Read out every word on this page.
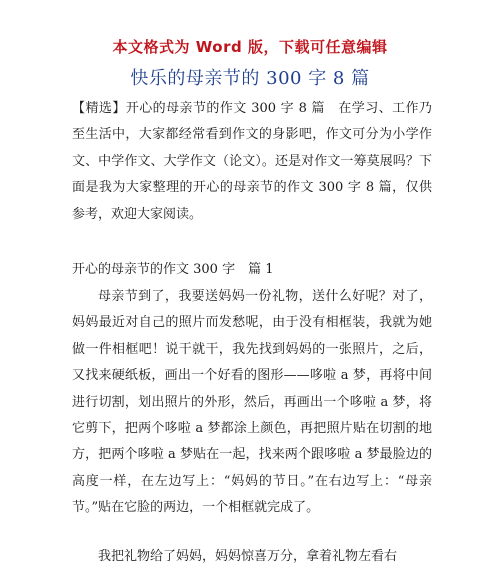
本文格式为 Word 版，下载可任意编辑
快乐的母亲节的 300 字 8 篇

【精选】开心的母亲节的作文 300 字 8 篇　在学习、工作乃至生活中，大家都经常看到作文的身影吧，作文可分为小学作文、中学作文、大学作文（论文）。还是对作文一筹莫展吗？下面是我为大家整理的开心的母亲节的作文 300 字 8 篇，仅供参考，欢迎大家阅读。

开心的母亲节的作文 300 字　篇 1

母亲节到了，我要送妈妈一份礼物，送什么好呢？对了，妈妈最近对自己的照片而发愁呢，由于没有相框装，我就为她做一件相框吧！说干就干，我先找到妈妈的一张照片，之后，又找来硬纸板，画出一个好看的图形——哆啦 a 梦，再将中间进行切割，划出照片的外形，然后，再画出一个哆啦 a 梦，将它剪下，把两个哆啦 a 梦都涂上颜色，再把照片贴在切割的地方，把两个哆啦 a 梦贴在一起，找来两个跟哆啦 a 梦最脸边的高度一样，在左边写上：“妈妈的节日。”在右边写上：“母亲节。”贴在它脸的两边，一个相框就完成了。

我把礼物给了妈妈，妈妈惊喜万分，拿着礼物左看右
